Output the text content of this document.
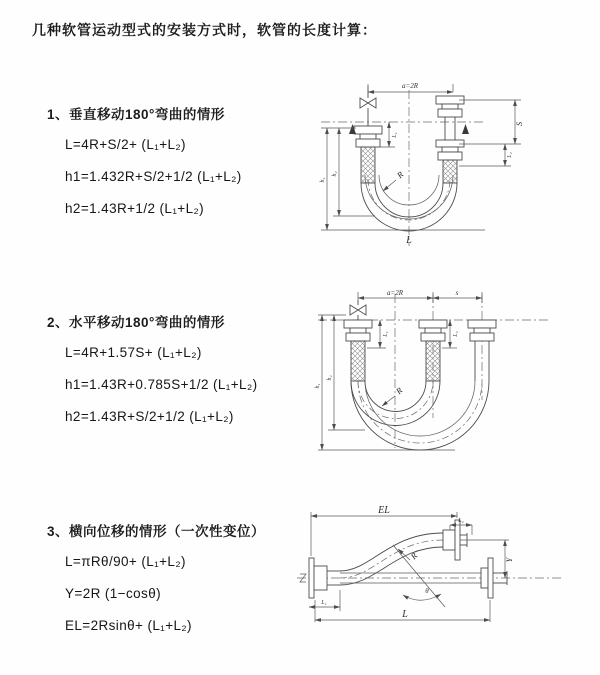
几种软管运动型式的安装方式时，软管的长度计算：
1、垂直移动180°弯曲的情形
L=4R+S/2+ (L₁+L₂)
h1=1.432R+S/2+1/2 (L₁+L₂)
h2=1.43R+1/2 (L₁+L₂)
2、水平移动180°弯曲的情形
L=4R+1.57S+ (L₁+L₂)
h1=1.43R+0.785S+1/2 (L₁+L₂)
h2=1.43R+S/2+1/2 (L₁+L₂)
3、横向位移的情形（一次性变位）
L=πRθ/90+ (L₁+L₂)
Y=2R (1−cosθ)
EL=2Rsinθ+ (L₁+L₂)
a=2R
S
L₂
h₁
h₂
L₁
R
L
a=2R	s
h₁
h₂
L₁	L₂
R
θ
R
EL
L₂
Y
L
L₁
